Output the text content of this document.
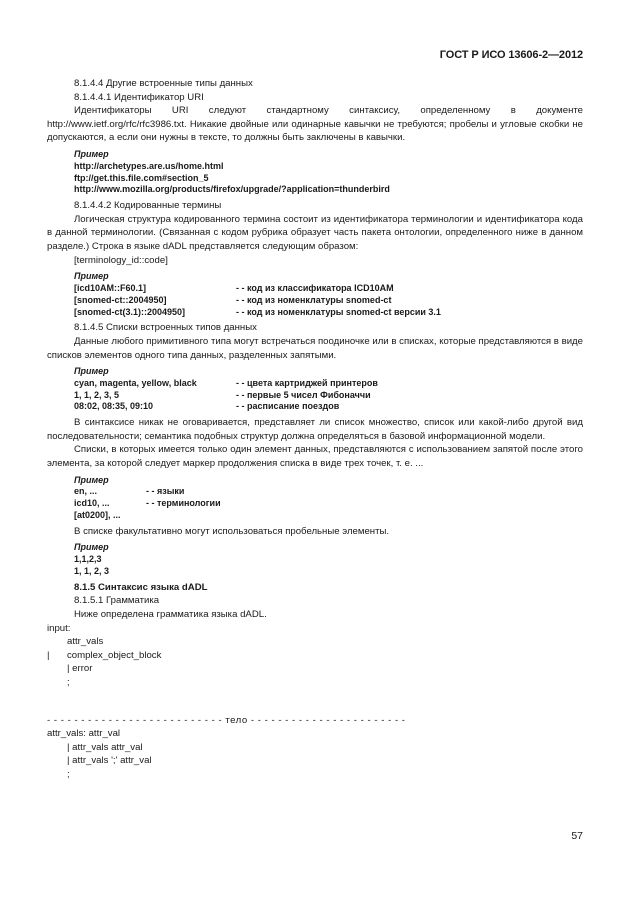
ГОСТ Р ИСО 13606-2—2012

8.1.4.4 Другие встроенные типы данных

8.1.4.4.1 Идентификатор URI

Идентификаторы URI следуют стандартному синтаксису, определенному в документе http://www.ietf.org/rfc/rfc3986.txt. Никакие двойные или одинарные кавычки не требуются; пробелы и угловые скобки не допускаются, а если они нужны в тексте, то должны быть заключены в кавычки.

Пример
http://archetypes.are.us/home.html
ftp://get.this.file.com#section_5
http://www.mozilla.org/products/firefox/upgrade/?application=thunderbird

8.1.4.4.2 Кодированные термины

Логическая структура кодированного термина состоит из идентификатора терминологии и идентификатора кода в данной терминологии. (Связанная с кодом рубрика образует часть пакета онтологии, определенного ниже в данном разделе.) Строка в языке dADL представляется следующим образом:

[terminology_id::code]

Пример
[icd10AM::F60.1]	- - код из классификатора ICD10AM
[snomed-ct::2004950]	- - код из номенклатуры snomed-ct
[snomed-ct(3.1)::2004950]	- - код из номенклатуры snomed-ct версии 3.1

8.1.4.5 Списки встроенных типов данных

Данные любого примитивного типа могут встречаться поодиночке или в списках, которые представляются в виде списков элементов одного типа данных, разделенных запятыми.

Пример
cyan, magenta, yellow, black	- - цвета картриджей принтеров
1, 1, 2, 3, 5	- - первые 5 чисел Фибоначчи
08:02, 08:35, 09:10	- - расписание поездов

В синтаксисе никак не оговаривается, представляет ли список множество, список или какой-либо другой вид последовательности; семантика подобных структур должна определяться в базовой информационной модели.

Списки, в которых имеется только один элемент данных, представляются с использованием запятой после этого элемента, за которой следует маркер продолжения списка в виде трех точек, т. е. ...

Пример
en, ...	- - языки
icd10, ...	- - терминологии
[at0200], ...

В списке факультативно могут использоваться пробельные элементы.

Пример
1,1,2,3
1, 1, 2, 3

8.1.5 Синтаксис языка dADL

8.1.5.1 Грамматика

Ниже определена грамматика языка dADL.

input:

attr_vals

|	complex_object_block

| error

;

- - - - - - - - - - - - - - - - - - - - - - - - - - тело - - - - - - - - - - - - - - - - - - - - - - -

attr_vals: attr_val

| attr_vals attr_val

| attr_vals ';' attr_val

;

57
